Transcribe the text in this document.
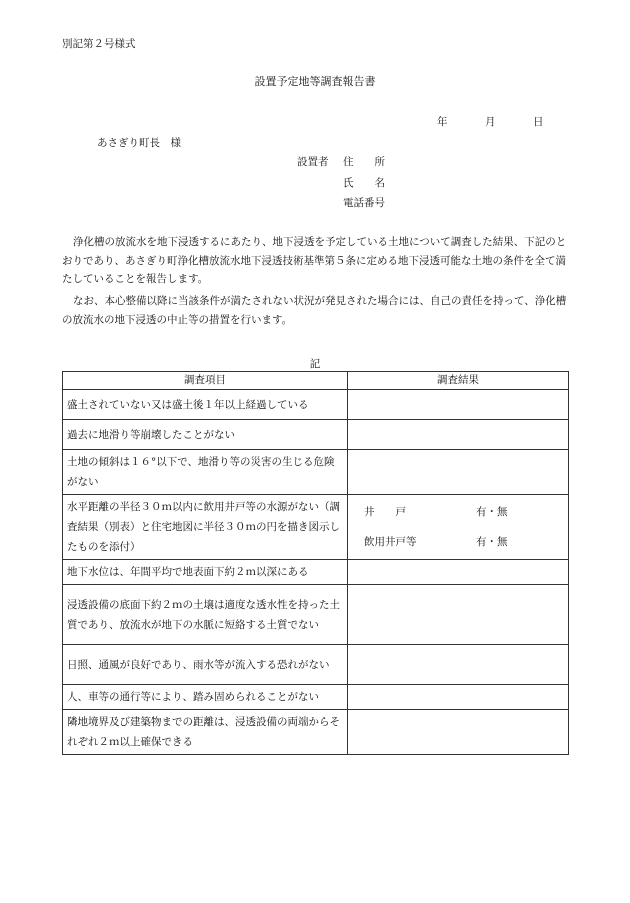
別記第２号様式
設置予定地等調査報告書
年	月	日
あさぎり町長　様
設置者 住　　所
氏　　名
電話番号
浄化槽の放流水を地下浸透するにあたり、地下浸透を予定している土地について調査した結果、下記のとおりであり、あさぎり町浄化槽放流水地下浸透技術基準第５条に定める地下浸透可能な土地の条件を全て満たしていることを報告します。
なお、本心整備以降に当該条件が満たされない状況が発見された場合には、自己の責任を持って、浄化槽の放流水の地下浸透の中止等の措置を行います。
記
調査項目	調査結果
盛土されていない又は盛土後１年以上経過している	
過去に地滑り等崩壊したことがない	
土地の傾斜は１６°以下で、地滑り等の災害の生じる危険がない	
水平距離の半径３０ｍ以内に飲用井戸等の水源がない（調査結果（別表）と住宅地図に半径３０ｍの円を描き図示したものを添付）	井　　戸 有・無
飲用井戸等 有・無

地下水位は、年間平均で地表面下約２ｍ以深にある	
浸透設備の底面下約２ｍの土壌は適度な透水性を持った土質であり、放流水が地下の水脈に短絡する土質でない	
日照、通風が良好であり、雨水等が流入する恐れがない	
人、車等の通行等により、踏み固められることがない	
隣地境界及び建築物までの距離は、浸透設備の両端からそれぞれ２ｍ以上確保できる	
